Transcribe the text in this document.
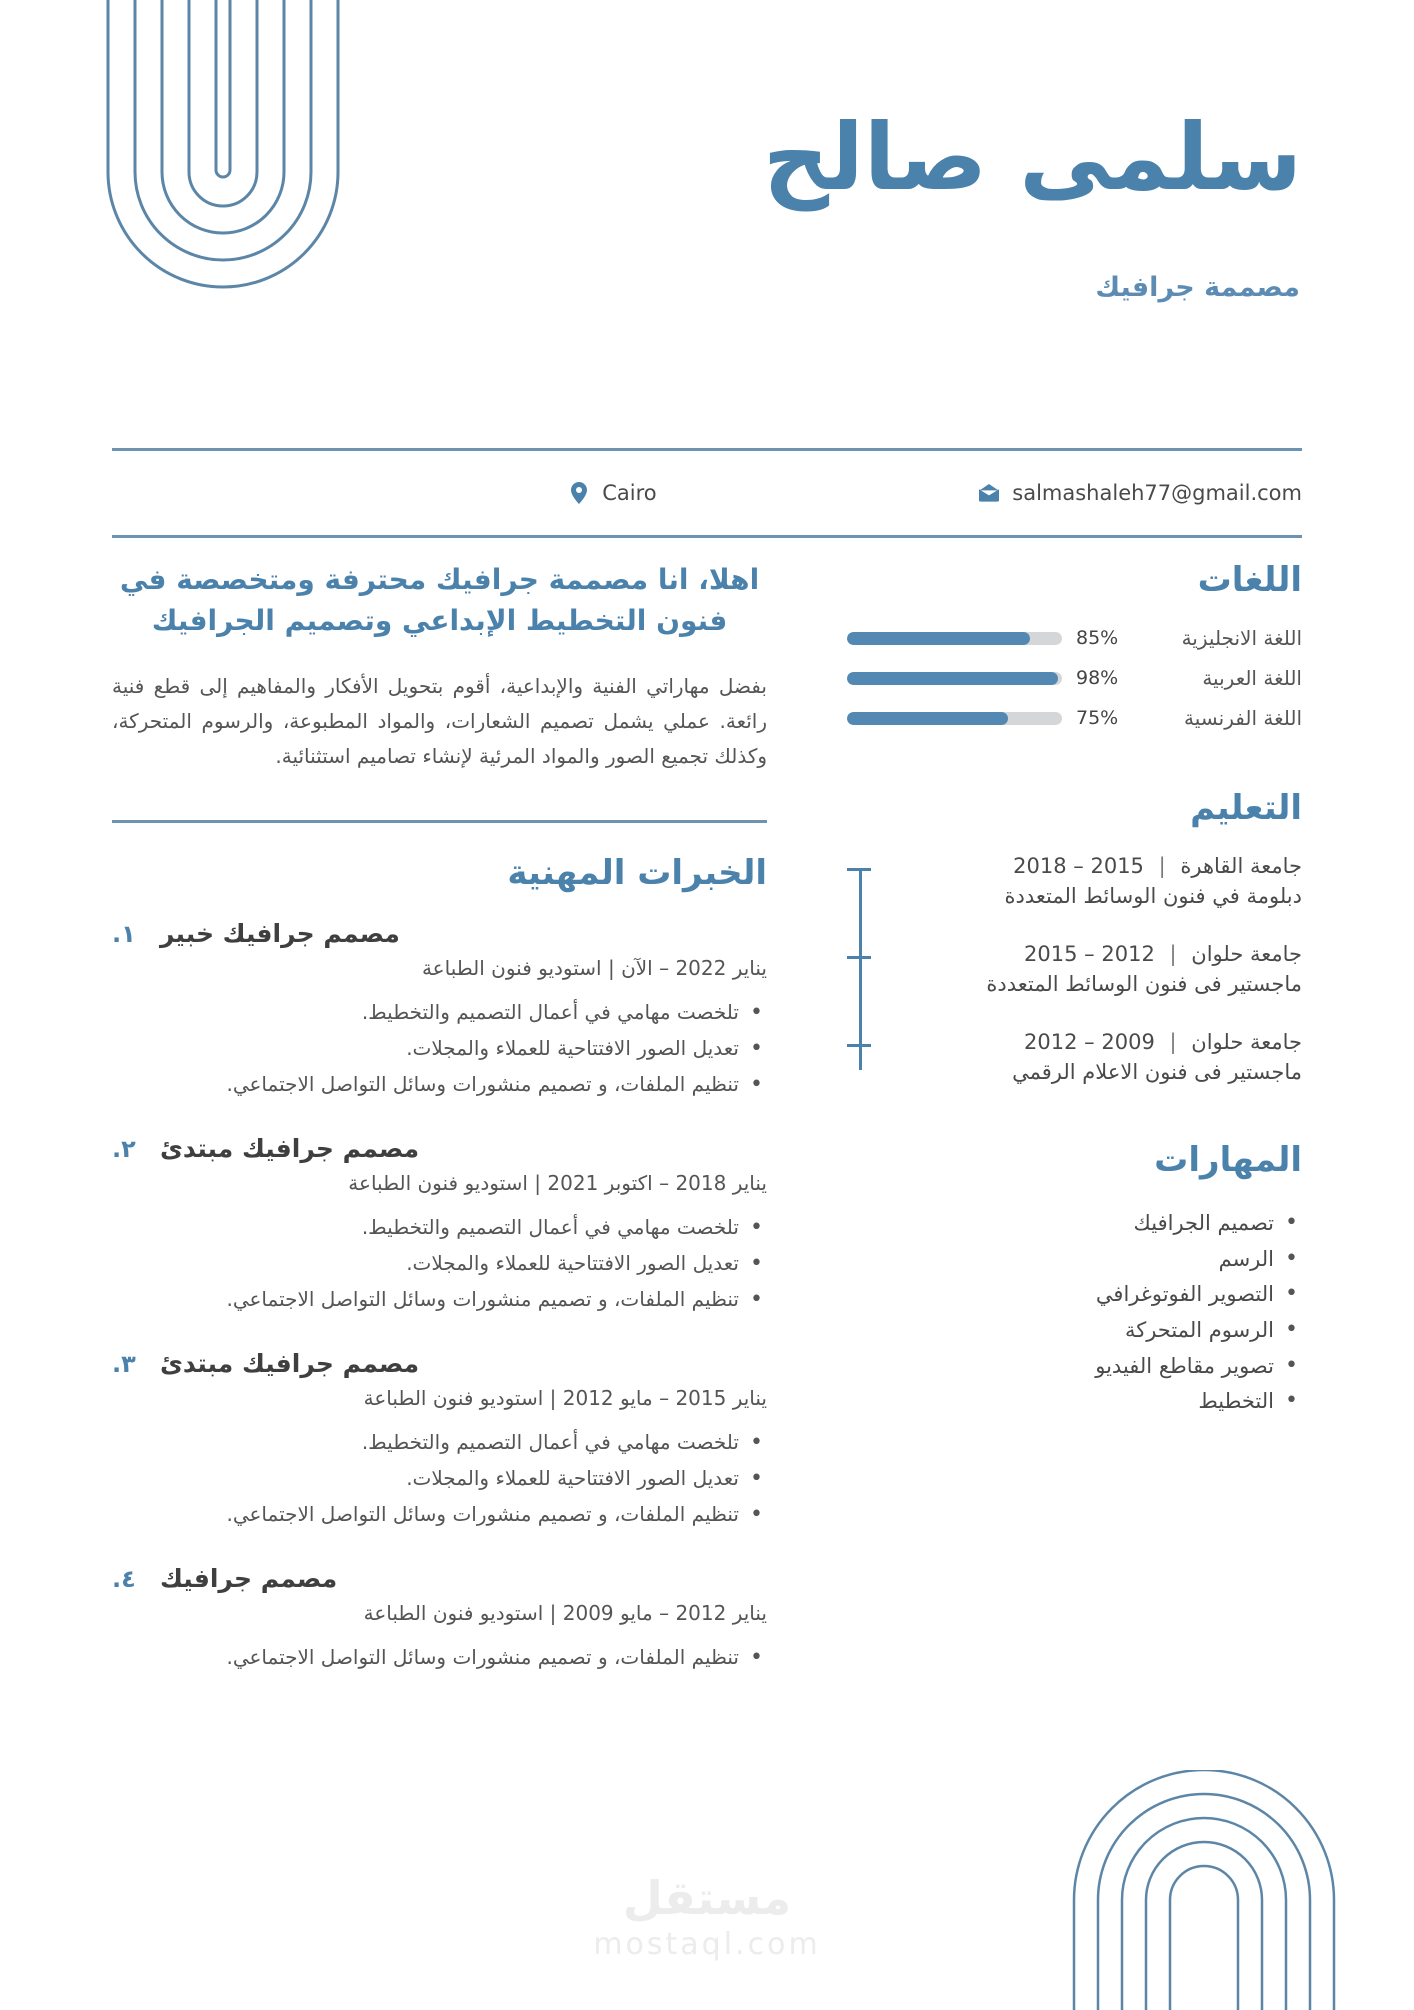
سلمى صالح
مصممة جرافيك
Cairo	salmashaleh77@gmail.com
اللغات
اللغة الانجليزية
85%
اللغة العربية
98%
اللغة الفرنسية
75%
التعليم
جامعة القاهرة | 2015 – 2018
دبلومة في فنون الوسائط المتعددة
جامعة حلوان | 2012 – 2015
ماجستير فى فنون الوسائط المتعددة
جامعة حلوان | 2009 – 2012
ماجستير فى فنون الاعلام الرقمي
المهارات
• تصميم الجرافيك
• الرسم
• التصوير الفوتوغرافي
• الرسوم المتحركة
• تصوير مقاطع الفيديو
• التخطيط
اهلا، انا مصممة جرافيك محترفة ومتخصصة في فنون التخطيط الإبداعي وتصميم الجرافيك

بفضل مهاراتي الفنية والإبداعية، أقوم بتحويل الأفكار والمفاهيم إلى قطع فنية رائعة. عملي يشمل تصميم الشعارات، والمواد المطبوعة، والرسوم المتحركة، وكذلك تجميع الصور والمواد المرئية لإنشاء تصاميم استثنائية.

الخبرات المهنية
١. مصمم جرافيك خبير
يناير 2022 – الآن | استوديو فنون الطباعة
• تلخصت مهامي في أعمال التصميم والتخطيط.
• تعديل الصور الافتتاحية للعملاء والمجلات.
• تنظيم الملفات، و تصميم منشورات وسائل التواصل الاجتماعي.
٢. مصمم جرافيك مبتدئ
يناير 2018 – اكتوبر 2021 | استوديو فنون الطباعة
• تلخصت مهامي في أعمال التصميم والتخطيط.
• تعديل الصور الافتتاحية للعملاء والمجلات.
• تنظيم الملفات، و تصميم منشورات وسائل التواصل الاجتماعي.
٣. مصمم جرافيك مبتدئ
يناير 2015 – مايو 2012 | استوديو فنون الطباعة
• تلخصت مهامي في أعمال التصميم والتخطيط.
• تعديل الصور الافتتاحية للعملاء والمجلات.
• تنظيم الملفات، و تصميم منشورات وسائل التواصل الاجتماعي.
٤. مصمم جرافيك
يناير 2012 – مايو 2009 | استوديو فنون الطباعة
• تنظيم الملفات، و تصميم منشورات وسائل التواصل الاجتماعي.
مستقل
mostaql.com
